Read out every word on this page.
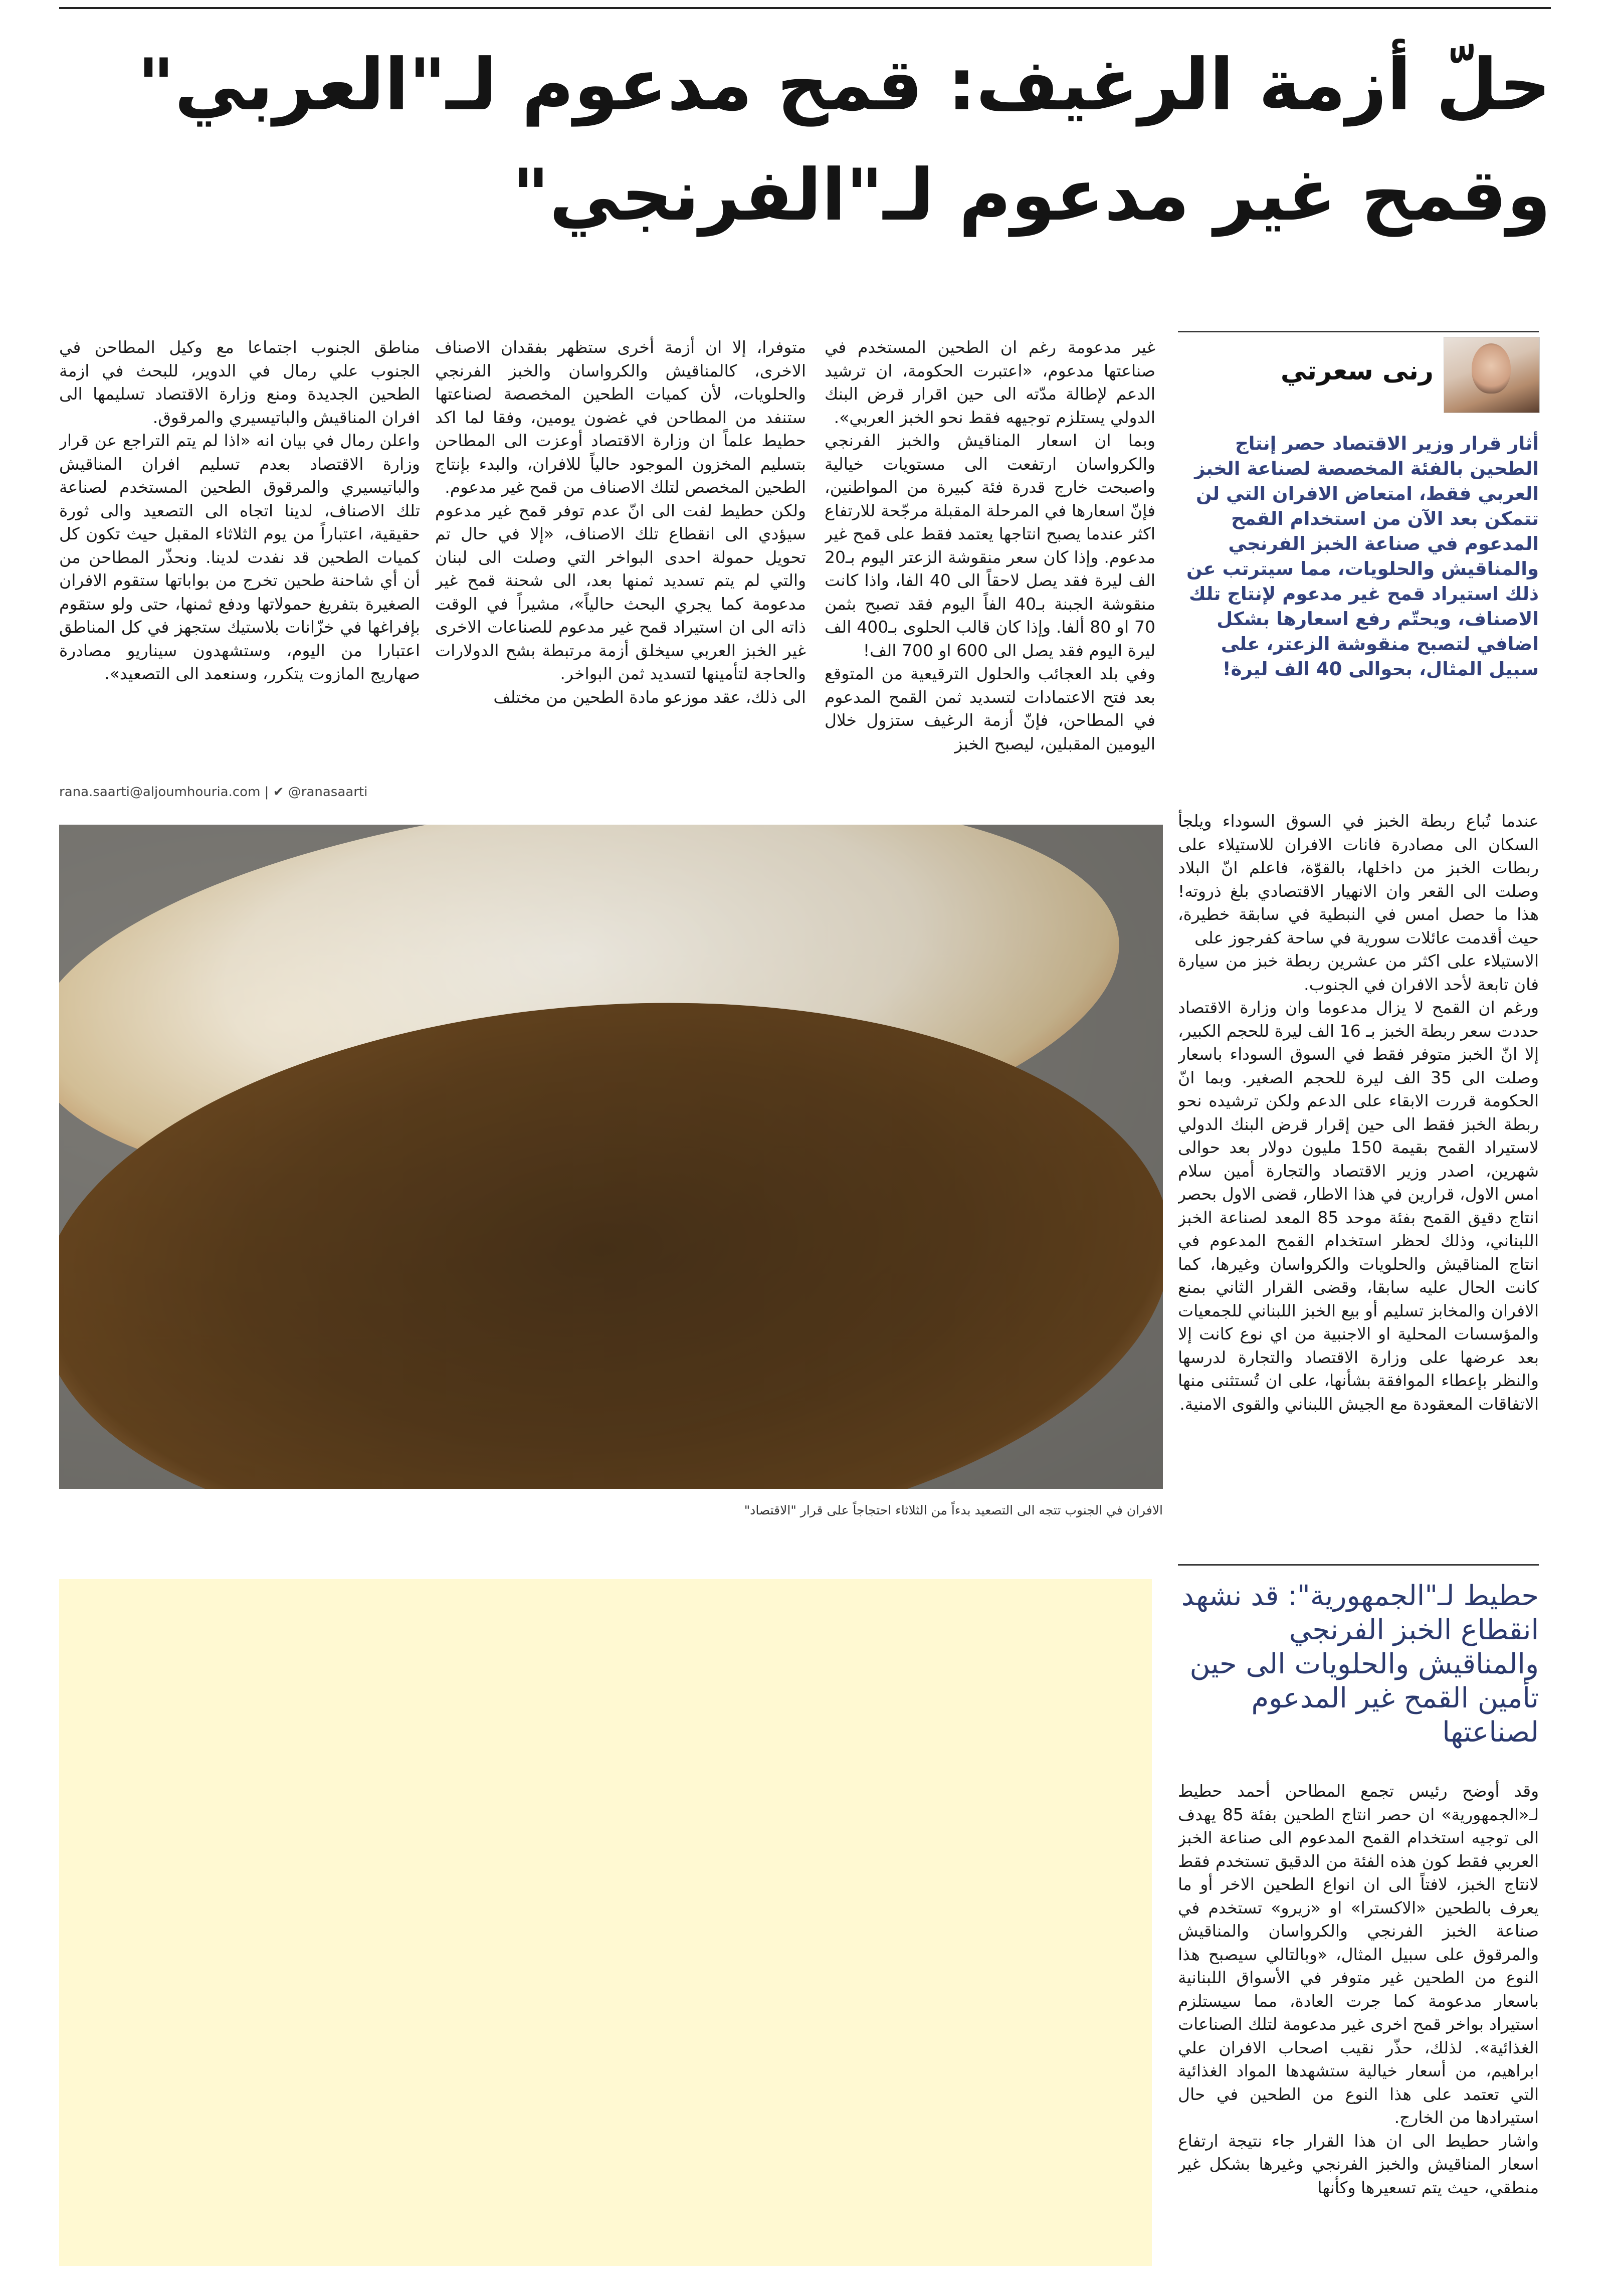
حلّ أزمة الرغيف: قمح مدعوم لـ"العربي"
وقمح غير مدعوم لـ"الفرنجي"
رنى سعرتي
أثار قرار وزير الاقتصاد حصر إنتاج الطحين بالفئة المخصصة لصناعة الخبز العربي فقط، امتعاض الافران التي لن تتمكن بعد الآن من استخدام القمح المدعوم في صناعة الخبز الفرنجي والمناقيش والحلويات، مما سيترتب عن ذلك استيراد قمح غير مدعوم لإنتاج تلك الاصناف، ويحتّم رفع اسعارها بشكل اضافي لتصبح منقوشة الزعتر، على سبيل المثال، بحوالى 40 الف ليرة!

غير مدعومة رغم ان الطحين المستخدم في صناعتها مدعوم، «اعتبرت الحكومة، ان ترشيد الدعم لإطالة مدّته الى حين اقرار قرض البنك الدولي يستلزم توجيهه فقط نحو الخبز العربي».

وبما ان اسعار المناقيش والخبز الفرنجي والكرواسان ارتفعت الى مستويات خيالية واصبحت خارج قدرة فئة كبيرة من المواطنين، فإنّ اسعارها في المرحلة المقبلة مرجّحة للارتفاع اكثر عندما يصبح انتاجها يعتمد فقط على قمح غير مدعوم. وإذا كان سعر منقوشة الزعتر اليوم بـ20 الف ليرة فقد يصل لاحقاً الى 40 الفا، واذا كانت منقوشة الجبنة بـ40 الفاً اليوم فقد تصبح بثمن 70 او 80 ألفا. وإذا كان قالب الحلوى بـ400 الف ليرة اليوم فقد يصل الى 600 او 700 الف!

وفي بلد العجائب والحلول الترقيعية من المتوقع بعد فتح الاعتمادات لتسديد ثمن القمح المدعوم في المطاحن، فإنّ أزمة الرغيف ستزول خلال اليومين المقبلين، ليصبح الخبز

متوفرا، إلا ان أزمة أخرى ستظهر بفقدان الاصناف الاخرى، كالمناقيش والكرواسان والخبز الفرنجي والحلويات، لأن كميات الطحين المخصصة لصناعتها ستنفد من المطاحن في غضون يومين، وفقا لما اكد حطيط علماً ان وزارة الاقتصاد أوعزت الى المطاحن بتسليم المخزون الموجود حالياً للافران، والبدء بإنتاج الطحين المخصص لتلك الاصناف من قمح غير مدعوم.

ولكن حطيط لفت الى انّ عدم توفر قمح غير مدعوم سيؤدي الى انقطاع تلك الاصناف، «إلا في حال تم تحويل حمولة احدى البواخر التي وصلت الى لبنان والتي لم يتم تسديد ثمنها بعد، الى شحنة قمح غير مدعومة كما يجري البحث حالياً»، مشيراً في الوقت ذاته الى ان استيراد قمح غير مدعوم للصناعات الاخرى غير الخبز العربي سيخلق أزمة مرتبطة بشح الدولارات والحاجة لتأمينها لتسديد ثمن البواخر.

الى ذلك، عقد موزعو مادة الطحين من مختلف

مناطق الجنوب اجتماعا مع وكيل المطاحن في الجنوب علي رمال في الدوير، للبحث في ازمة الطحين الجديدة ومنع وزارة الاقتصاد تسليمها الى افران المناقيش والباتيسيري والمرقوق.

واعلن رمال في بيان انه «اذا لم يتم التراجع عن قرار وزارة الاقتصاد بعدم تسليم افران المناقيش والباتيسيري والمرقوق الطحين المستخدم لصناعة تلك الاصناف، لدينا اتجاه الى التصعيد والى ثورة حقيقية، اعتباراً من يوم الثلاثاء المقبل حيث تكون كل كميات الطحين قد نفدت لدينا. ونحذّر المطاحن من أن أي شاحنة طحين تخرج من بواباتها ستقوم الافران الصغيرة بتفريغ حمولاتها ودفع ثمنها، حتى ولو ستقوم بإفراغها في خزّانات بلاستيك ستجهز في كل المناطق اعتبارا من اليوم، وستشهدون سيناريو مصادرة صهاريج المازوت يتكرر، وسنعمد الى التصعيد».

rana.saarti@aljoumhouria.com | ✔ @ranasaarti
الافران في الجنوب تتجه الى التصعيد بدءاً من الثلاثاء احتجاجاً على قرار "الاقتصاد"

عندما تُباع ربطة الخبز في السوق السوداء ويلجأ السكان الى مصادرة فانات الافران للاستيلاء على ربطات الخبز من داخلها، بالقوّة، فاعلم انّ البلاد وصلت الى القعر وان الانهيار الاقتصادي بلغ ذروته! هذا ما حصل امس في النبطية في سابقة خطيرة، حيث أقدمت عائلات سورية في ساحة كفرجوز على

الاستيلاء على اكثر من عشرين ربطة خبز من سيارة فان تابعة لأحد الافران في الجنوب.

ورغم ان القمح لا يزال مدعوما وان وزارة الاقتصاد حددت سعر ربطة الخبز بـ 16 الف ليرة للحجم الكبير، إلا انّ الخبز متوفر فقط في السوق السوداء باسعار وصلت الى 35 الف ليرة للحجم الصغير. وبما انّ الحكومة قررت الابقاء على الدعم ولكن ترشيده نحو ربطة الخبز فقط الى حين إقرار قرض البنك الدولي لاستيراد القمح بقيمة 150 مليون دولار بعد حوالى شهرين، اصدر وزير الاقتصاد والتجارة أمين سلام امس الاول، قرارين في هذا الاطار، قضى الاول بحصر انتاج دقيق القمح بفئة موحد 85 المعد لصناعة الخبز اللبناني، وذلك لحظر استخدام القمح المدعوم في انتاج المناقيش والحلويات والكرواسان وغيرها، كما كانت الحال عليه سابقا، وقضى القرار الثاني بمنع الافران والمخابز تسليم أو بيع الخبز اللبناني للجمعيات والمؤسسات المحلية او الاجنبية من اي نوع كانت إلا بعد عرضها على وزارة الاقتصاد والتجارة لدرسها والنظر بإعطاء الموافقة بشأنها، على ان تُستثنى منها الاتفاقات المعقودة مع الجيش اللبناني والقوى الامنية.

حطيط لـ"الجمهورية": قد نشهد انقطاع الخبز الفرنجي والمناقيش والحلويات الى حين تأمين القمح غير المدعوم لصناعتها

وقد أوضح رئيس تجمع المطاحن أحمد حطيط لـ«الجمهورية» ان حصر انتاج الطحين بفئة 85 يهدف الى توجيه استخدام القمح المدعوم الى صناعة الخبز العربي فقط كون هذه الفئة من الدقيق تستخدم فقط لانتاج الخبز، لافتاً الى ان انواع الطحين الاخر أو ما يعرف بالطحين «الاكسترا» او «زيرو» تستخدم في صناعة الخبز الفرنجي والكرواسان والمناقيش والمرقوق على سبيل المثال، «وبالتالي سيصبح هذا النوع من الطحين غير متوفر في الأسواق اللبنانية باسعار مدعومة كما جرت العادة، مما سيستلزم استيراد بواخر قمح اخرى غير مدعومة لتلك الصناعات الغذائية». لذلك، حذّر نقيب اصحاب الافران علي ابراهيم، من أسعار خيالية ستشهدها المواد الغذائية التي تعتمد على هذا النوع من الطحين في حال استيرادها من الخارج.

واشار حطيط الى ان هذا القرار جاء نتيجة ارتفاع اسعار المناقيش والخبز الفرنجي وغيرها بشكل غير منطقي، حيث يتم تسعيرها وكأنها
